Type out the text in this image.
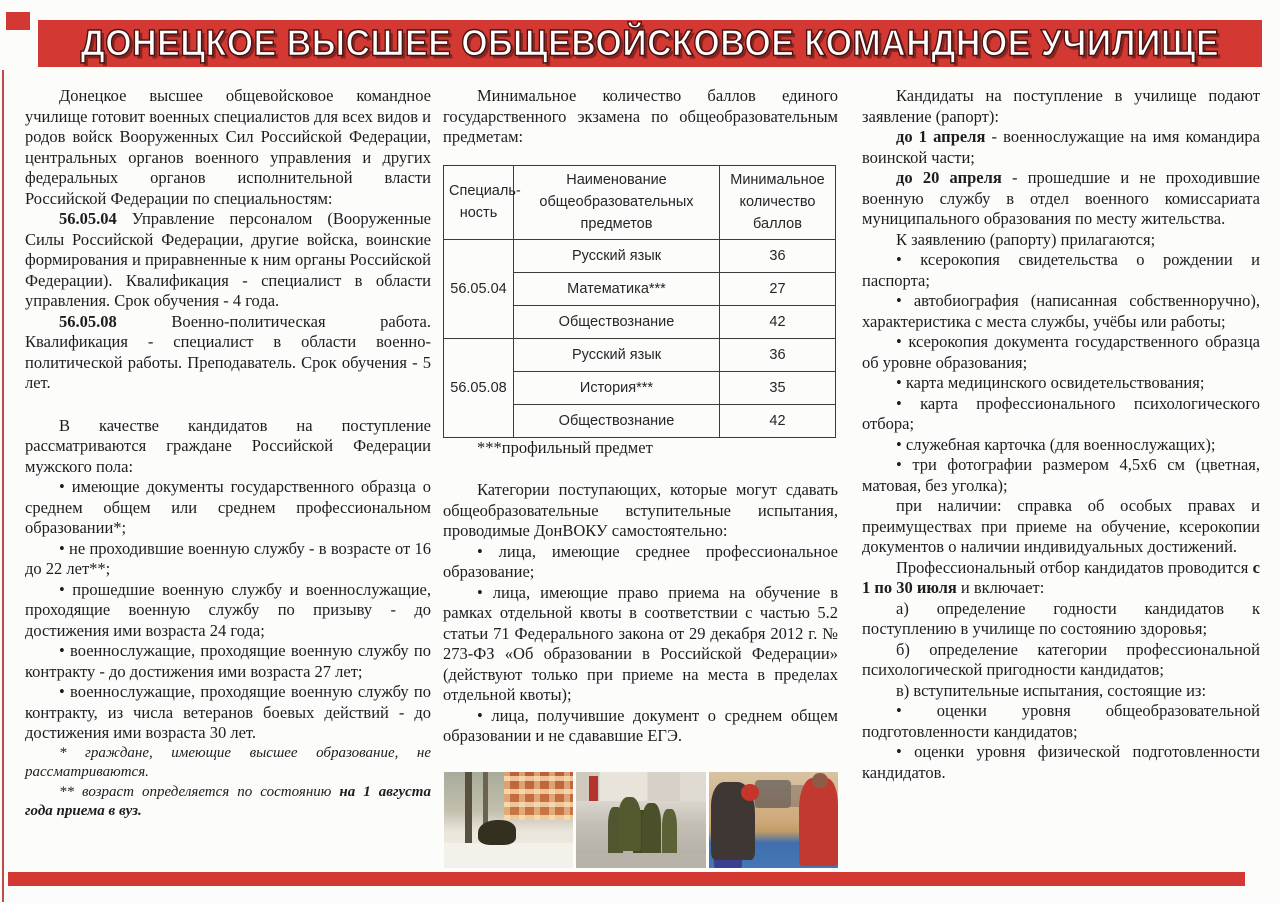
ДОНЕЦКОЕ ВЫСШЕЕ ОБЩЕВОЙСКОВОЕ КОМАНДНОЕ УЧИЛИЩЕ

Донецкое высшее общевойсковое командное училище готовит военных специалистов для всех видов и родов войск Вооруженных Сил Российской Федерации, центральных органов военного управления и других федеральных органов исполнительной власти Российской Федерации по специальностям:

56.05.04 Управление персоналом (Вооруженные Силы Российской Федерации, другие войска, воинские формирования и приравненные к ним органы Российской Федерации). Квалификация - специалист в области управления. Срок обучения - 4 года.

56.05.08 Военно-политическая работа. Квалификация - специалист в области военно-политической работы. Преподаватель. Срок обучения - 5 лет.

В качестве кандидатов на поступление рассматриваются граждане Российской Федерации мужского пола:

• имеющие документы государственного образца о среднем общем или среднем профессиональном образовании*;

• не проходившие военную службу - в возрасте от 16 до 22 лет**;

• прошедшие военную службу и военнослужащие, проходящие военную службу по призыву - до достижения ими возраста 24 года;

• военнослужащие, проходящие военную службу по контракту - до достижения ими возраста 27 лет;

• военнослужащие, проходящие военную службу по контракту, из числа ветеранов боевых действий - до достижения ими возраста 30 лет.

* граждане, имеющие высшее образование, не рассматриваются.

** возраст определяется по состоянию на 1 августа года приема в вуз.

Минимальное количество баллов единого государственного экзамена по общеобразовательным предметам:

Специаль-ность	Наименование общеобразовательных предметов	Минимальное количество баллов
56.05.04	Русский язык	36
	Математика***	27
	Обществознание	42
56.05.08	Русский язык	36
	История***	35
	Обществознание	42

***профильный предмет

Категории поступающих, которые могут сдавать общеобразовательные вступительные испытания, проводимые ДонВОКУ самостоятельно:

• лица, имеющие среднее профессиональное образование;

• лица, имеющие право приема на обучение в рамках отдельной квоты в соответствии с частью 5.2 статьи 71 Федерального закона от 29 декабря 2012 г. № 273-ФЗ «Об образовании в Российской Федерации» (действуют только при приеме на места в пределах отдельной квоты);

• лица, получившие документ о среднем общем образовании и не сдававшие ЕГЭ.

Кандидаты на поступление в училище подают заявление (рапорт):

до 1 апреля - военнослужащие на имя командира воинской части;

до 20 апреля - прошедшие и не проходившие военную службу в отдел военного комиссариата муниципального образования по месту жительства.

К заявлению (рапорту) прилагаются;

• ксерокопия свидетельства о рождении и паспорта;

• автобиография (написанная собственноручно), характеристика с места службы, учёбы или работы;

• ксерокопия документа государственного образца об уровне образования;

• карта медицинского освидетельствования;

• карта профессионального психологического отбора;

• служебная карточка (для военнослужащих);

• три фотографии размером 4,5х6 см (цветная, матовая, без уголка);

при наличии: справка об особых правах и преимуществах при приеме на обучение, ксерокопии документов о наличии индивидуальных достижений.

Профессиональный отбор кандидатов проводится с 1 по 30 июля и включает:

а) определение годности кандидатов к поступлению в училище по состоянию здоровья;

б) определение категории профессиональной психологической пригодности кандидатов;

в) вступительные испытания, состоящие из:

• оценки уровня общеобразовательной подготовленности кандидатов;

• оценки уровня физической подготовленности кандидатов.
